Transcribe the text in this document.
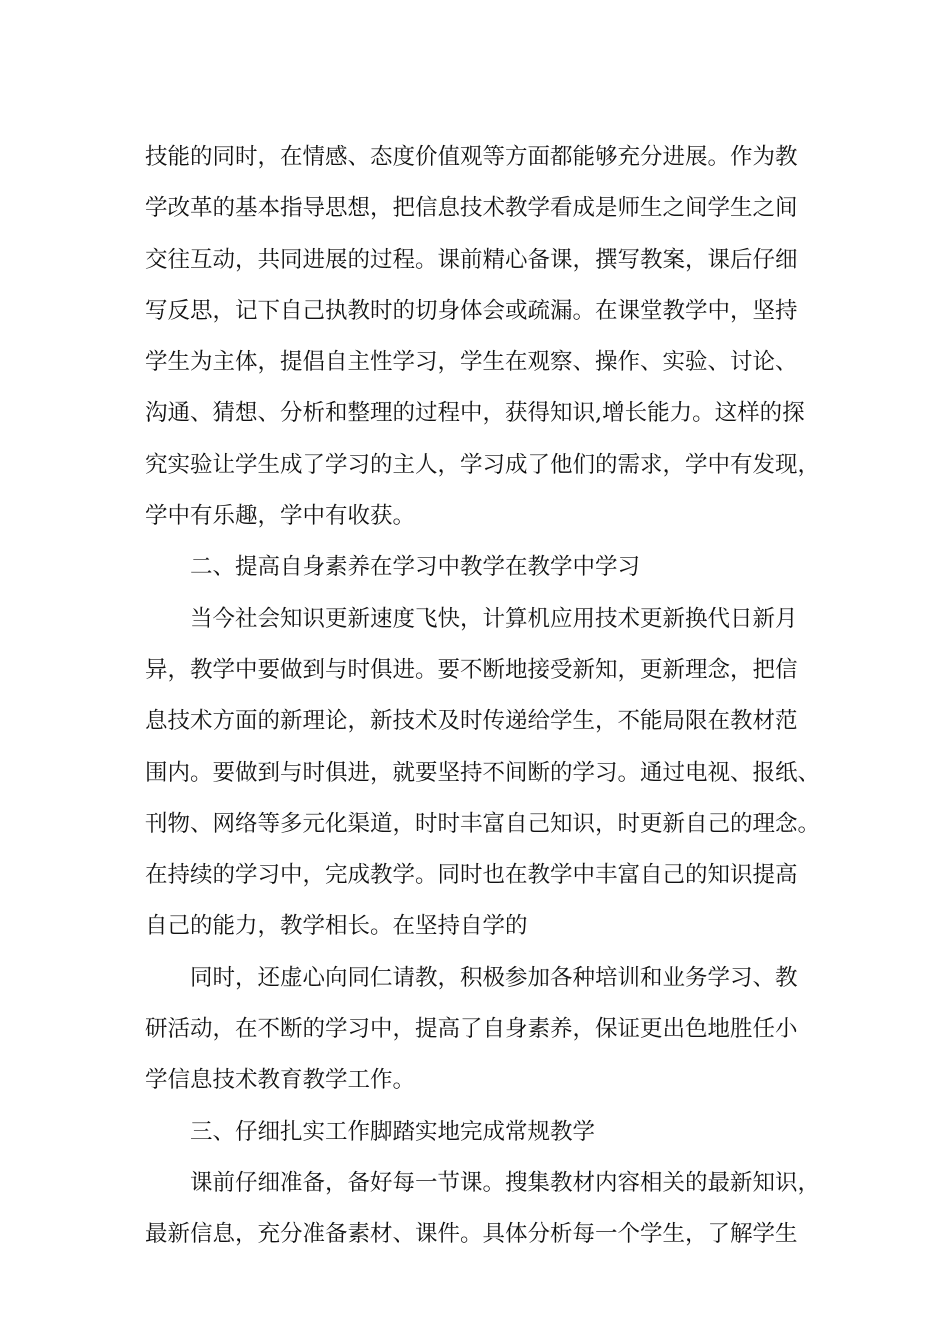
技能的同时，在情感、态度价值观等方面都能够充分进展。作为教
学改革的基本指导思想，把信息技术教学看成是师生之间学生之间
交往互动，共同进展的过程。课前精心备课，撰写教案，课后仔细
写反思，记下自己执教时的切身体会或疏漏。在课堂教学中，坚持
学生为主体，提倡自主性学习，学生在观察、操作、实验、讨论、
沟通、猜想、分析和整理的过程中，获得知识,增长能力。这样的探
究实验让学生成了学习的主人，学习成了他们的需求，学中有发现，
学中有乐趣，学中有收获。
二、提高自身素养在学习中教学在教学中学习
当今社会知识更新速度飞快，计算机应用技术更新换代日新月
异，教学中要做到与时俱进。要不断地接受新知，更新理念，把信
息技术方面的新理论，新技术及时传递给学生，不能局限在教材范
围内。要做到与时俱进，就要坚持不间断的学习。通过电视、报纸、
刊物、网络等多元化渠道，时时丰富自己知识，时更新自己的理念。
在持续的学习中，完成教学。同时也在教学中丰富自己的知识提高
自己的能力，教学相长。在坚持自学的
同时，还虚心向同仁请教，积极参加各种培训和业务学习、教
研活动，在不断的学习中，提高了自身素养，保证更出色地胜任小
学信息技术教育教学工作。
三、仔细扎实工作脚踏实地完成常规教学
课前仔细准备，备好每一节课。搜集教材内容相关的最新知识，
最新信息，充分准备素材、课件。具体分析每一个学生，了解学生
